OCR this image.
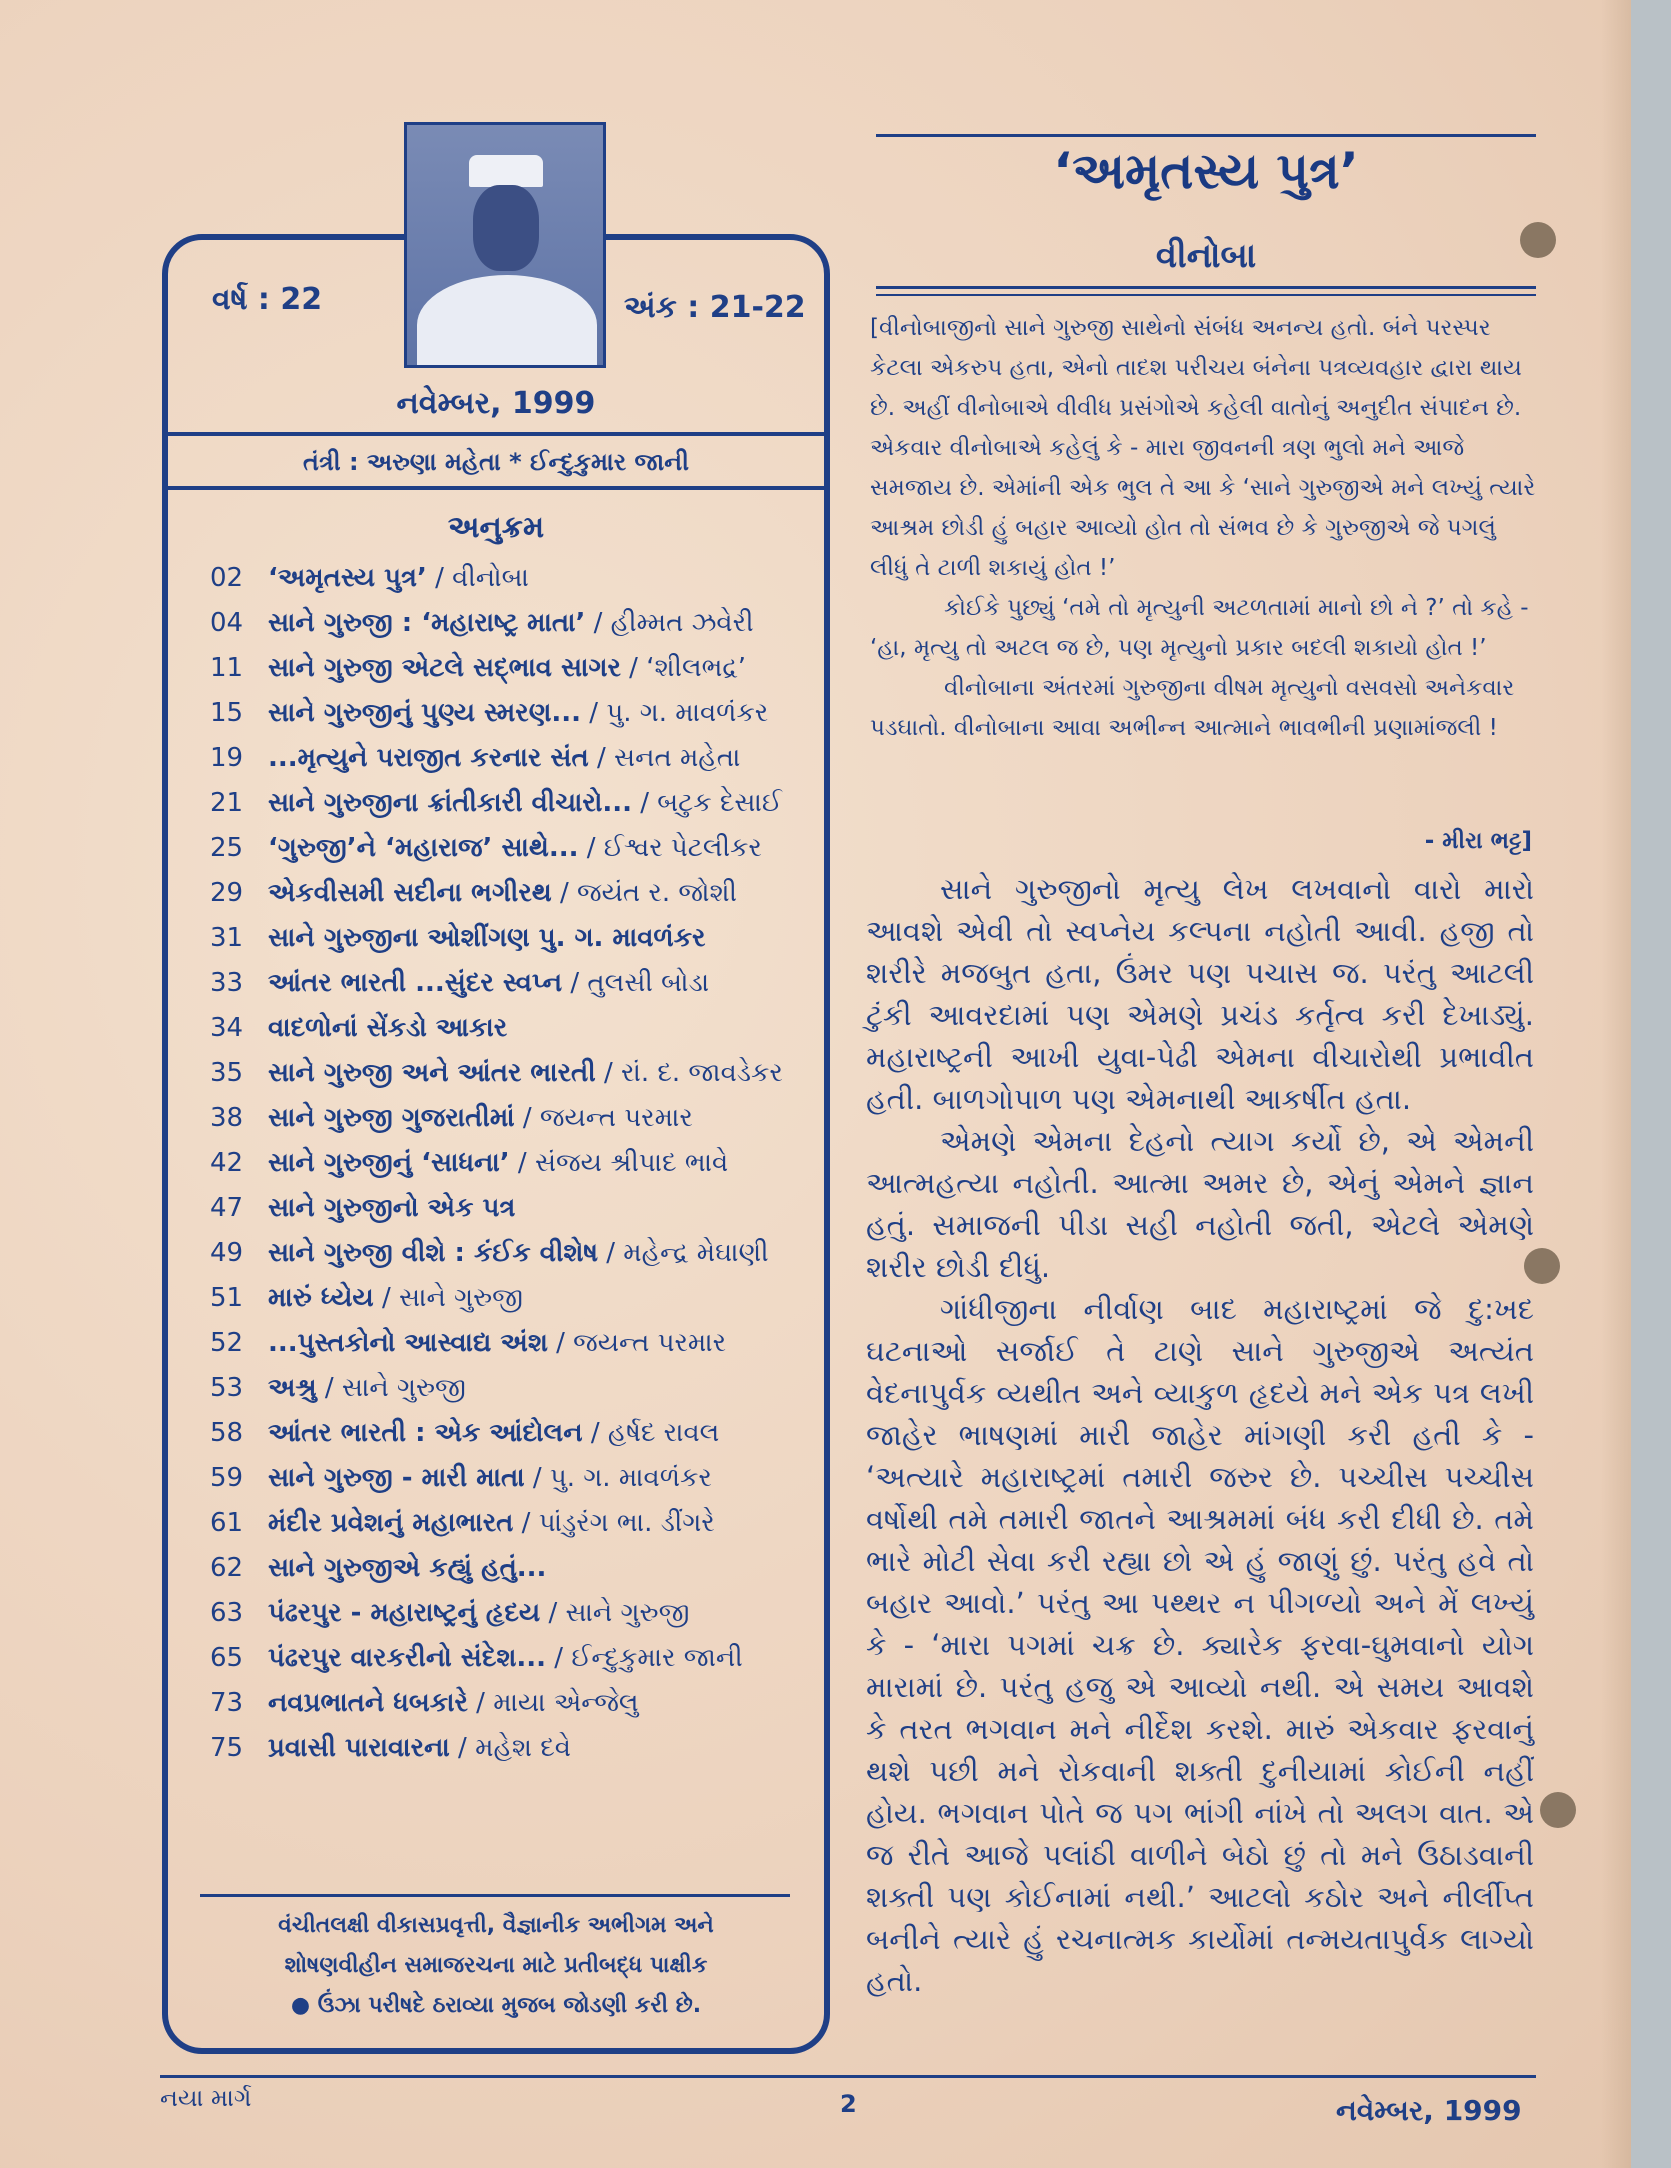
વર્ષ : 22	અંક : 21-22
નવેમ્બર, 1999
તંત્રી : અરુણા મહેતા * ઈન્દુકુમાર જાની
અનુક્રમ
02 ‘અમૃતસ્ય પુત્ર’ / વીનોબા
04 સાને ગુરુજી : ‘મહારાષ્ટ્ર માતા’ / હીમ્મત ઝવેરી
11 સાને ગુરુજી એટલે સદ્ભાવ સાગર / ‘શીલભદ્ર’
15 સાને ગુરુજીનું પુણ્ય સ્મરણ... / પુ. ગ. માવળંકર
19 ...મૃત્યુને પરાજીત કરનાર સંત / સનત મહેતા
21 સાને ગુરુજીના ક્રાંતીકારી વીચારો... / બટુક દેસાઈ
25 ‘ગુરુજી’ને ‘મહારાજ’ સાથે... / ઈશ્વર પેટલીકર
29 એકવીસમી સદીના ભગીરથ / જયંત ર. જોશી
31 સાને ગુરુજીના ઓશીંગણ પુ. ગ. માવળંકર
33 આંતર ભારતી ...સુંદર સ્વપ્ન / તુલસી બોડા
34 વાદળોનાં સેંકડો આકાર
35 સાને ગુરુજી અને આંતર ભારતી / રાં. દ. જાવડેકર
38 સાને ગુરુજી ગુજરાતીમાં / જયન્ત પરમાર
42 સાને ગુરુજીનું ‘સાધના’ / સંજય શ્રીપાદ ભાવે
47 સાને ગુરુજીનો એક પત્ર
49 સાને ગુરુજી વીશે : કંઈક વીશેષ / મહેન્દ્ર મેઘાણી
51 મારું ધ્યેય / સાને ગુરુજી
52 ...પુસ્તકોનો આસ્વાદ્ય અંશ / જયન્ત પરમાર
53 અશ્રુ / સાને ગુરુજી
58 આંતર ભારતી : એક આંદોલન / હર્ષદ રાવલ
59 સાને ગુરુજી - મારી માતા / પુ. ગ. માવળંકર
61 મંદીર પ્રવેશનું મહાભારત / પાંડુરંગ ભા. ડીંગરે
62 સાને ગુરુજીએ કહ્યું હતું...
63 પંઢરપુર - મહારાષ્ટ્રનું હૃદય / સાને ગુરુજી
65 પંઢરપુર વારકરીનો સંદેશ... / ઈન્દુકુમાર જાની
73 નવપ્રભાતને ધબકારે / માયા એન્જેલુ
75 પ્રવાસી પારાવારના / મહેશ દવે
વંચીતલક્ષી વીકાસપ્રવૃત્તી, વૈજ્ઞાનીક અભીગમ અને
શોષણવીહીન સમાજરચના માટે પ્રતીબદ્ધ પાક્ષીક
● ઉંઝા પરીષદે ઠરાવ્યા મુજબ જોડણી કરી છે.
‘અમૃતસ્ય પુત્ર’
વીનોબા

[વીનોબાજીનો સાને ગુરુજી સાથેનો સંબંધ અનન્ય હતો. બંને પરસ્પર કેટલા એકરુપ હતા, એનો તાદશ પરીચય બંનેના પત્રવ્યવહાર દ્વારા થાય છે. અહીં વીનોબાએ વીવીધ પ્રસંગોએ કહેલી વાતોનું અનુદીત સંપાદન છે. એકવાર વીનોબાએ કહેલું કે - મારા જીવનની ત્રણ ભુલો મને આજે સમજાય છે. એમાંની એક ભુલ તે આ કે ‘સાને ગુરુજીએ મને લખ્યું ત્યારે આશ્રમ છોડી હું બહાર આવ્યો હોત તો સંભવ છે કે ગુરુજીએ જે પગલું લીધું તે ટાળી શકાયું હોત !’

કોઈકે પુછ્યું ‘તમે તો મૃત્યુની અટળતામાં માનો છો ને ?’ તો કહે - ‘હા, મૃત્યુ તો અટલ જ છે, પણ મૃત્યુનો પ્રકાર બદલી શકાયો હોત !’

વીનોબાના અંતરમાં ગુરુજીના વીષમ મૃત્યુનો વસવસો અનેકવાર પડઘાતો. વીનોબાના આવા અભીન્ન આત્માને ભાવભીની પ્રણામાંજલી !

- મીરા ભટ્ટ]

સાને ગુરુજીનો મૃત્યુ લેખ લખવાનો વારો મારો આવશે એવી તો સ્વપ્નેય કલ્પના નહોતી આવી. હજી તો શરીરે મજબુત હતા, ઉંમર પણ પચાસ જ. પરંતુ આટલી ટુંકી આવરદામાં પણ એમણે પ્રચંડ કર્તૃત્વ કરી દેખાડ્યું. મહારાષ્ટ્રની આખી યુવા-પેઢી એમના વીચારોથી પ્રભાવીત હતી. બાળગોપાળ પણ એમનાથી આકર્ષીત હતા.

એમણે એમના દેહનો ત્યાગ કર્યો છે, એ એમની આત્મહત્યા નહોતી. આત્મા અમર છે, એનું એમને જ્ઞાન હતું. સમાજની પીડા સહી નહોતી જતી, એટલે એમણે શરીર છોડી દીધું.

ગાંધીજીના નીર્વાણ બાદ મહારાષ્ટ્રમાં જે દુ:ખદ ઘટનાઓ સર્જાઈ તે ટાણે સાને ગુરુજીએ અત્યંત વેદનાપુર્વક વ્યથીત અને વ્યાકુળ હૃદયે મને એક પત્ર લખી જાહેર ભાષણમાં મારી જાહેર માંગણી કરી હતી કે - ‘અત્યારે મહારાષ્ટ્રમાં તમારી જરુર છે. પચ્ચીસ પચ્ચીસ વર્ષોથી તમે તમારી જાતને આશ્રમમાં બંધ કરી દીધી છે. તમે ભારે મોટી સેવા કરી રહ્યા છો એ હું જાણું છું. પરંતુ હવે તો બહાર આવો.’ પરંતુ આ પથ્થર ન પીગળ્યો અને મેં લખ્યું કે - ‘મારા પગમાં ચક્ર છે. ક્યારેક ફરવા-ઘુમવાનો યોગ મારામાં છે. પરંતુ હજુ એ આવ્યો નથી. એ સમય આવશે કે તરત ભગવાન મને નીર્દેશ કરશે. મારું એકવાર ફરવાનું થશે પછી મને રોકવાની શક્તી દુનીયામાં કોઈની નહીં હોય. ભગવાન પોતે જ પગ ભાંગી નાંખે તો અલગ વાત. એ જ રીતે આજે પલાંઠી વાળીને બેઠો છું તો મને ઉઠાડવાની શક્તી પણ કોઈનામાં નથી.’ આટલો કઠોર અને નીર્લીપ્ત બનીને ત્યારે હું રચનાત્મક કાર્યોમાં તન્મયતાપુર્વક લાગ્યો હતો.

નયા માર્ગ	2	નવેમ્બર, 1999
